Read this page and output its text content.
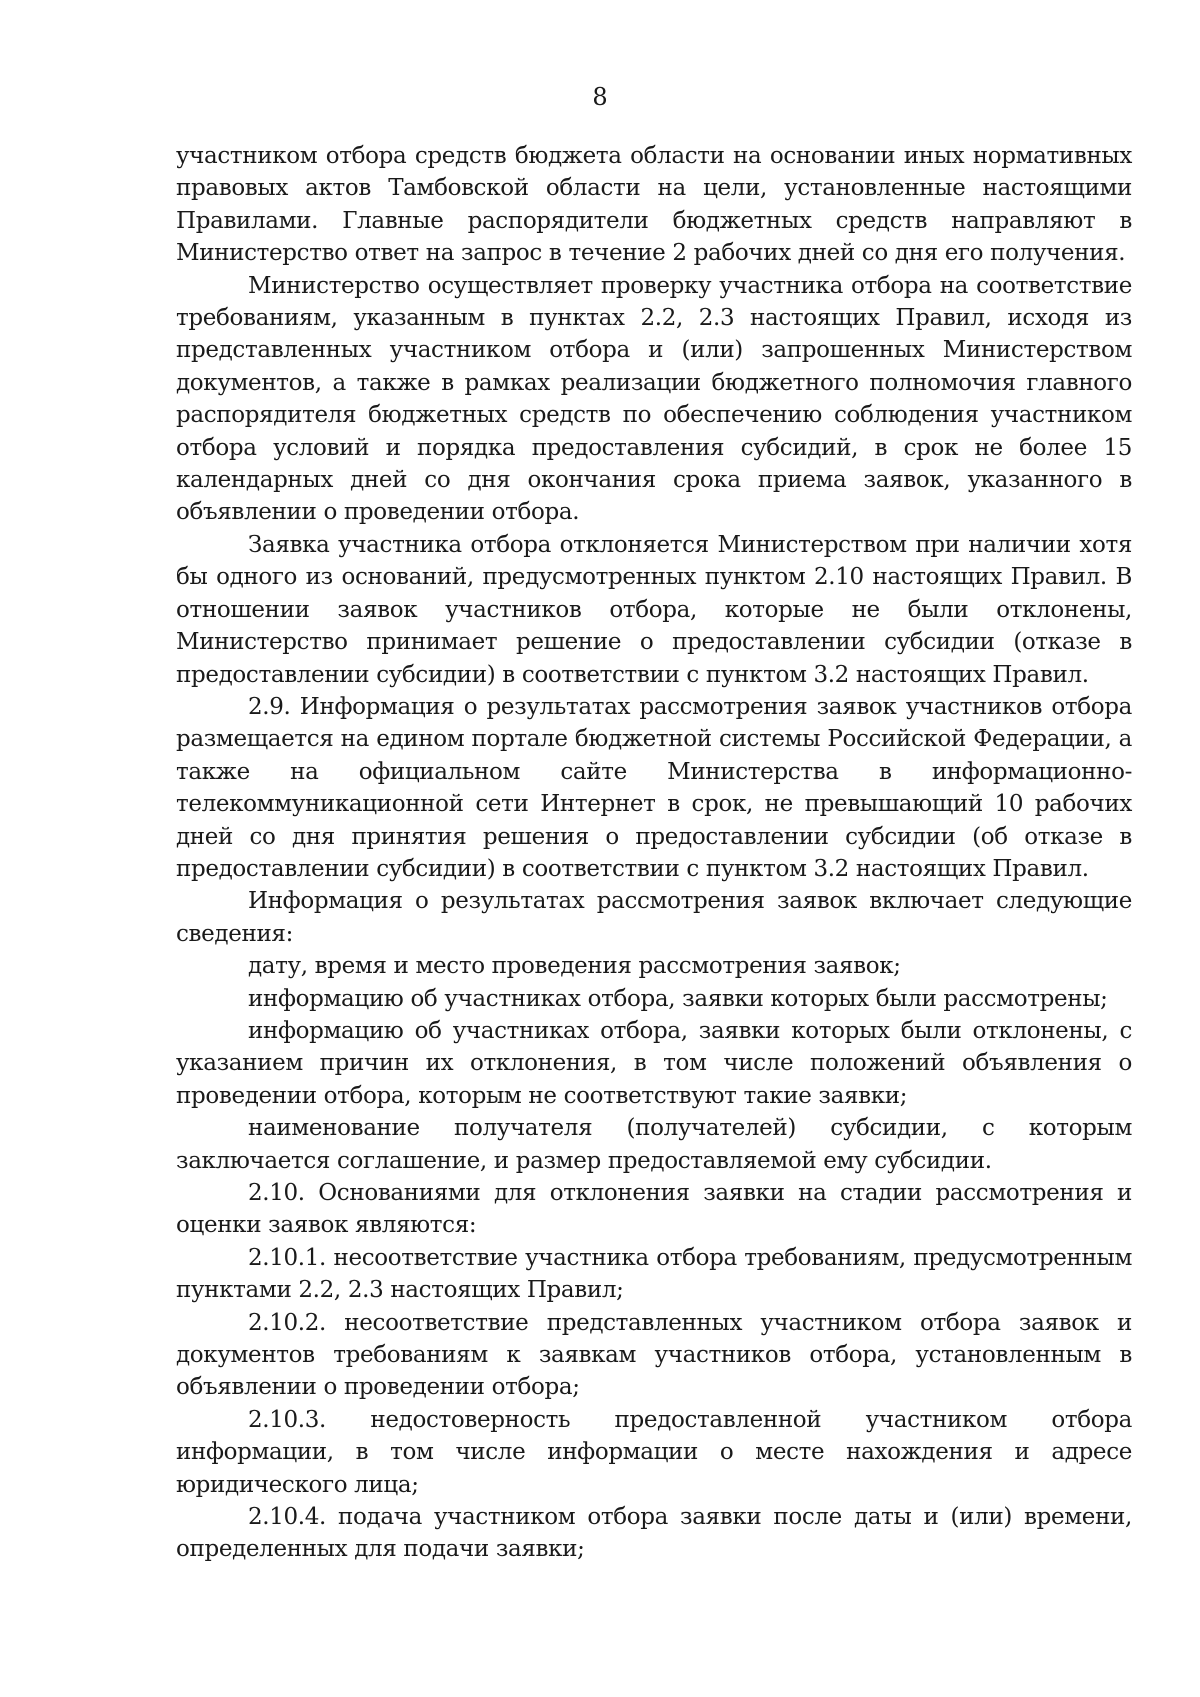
8

участником отбора средств бюджета области на основании иных нормативных правовых актов Тамбовской области на цели, установленные настоящими Правилами. Главные распорядители бюджетных средств направляют в Министерство ответ на запрос в течение 2 рабочих дней со дня его получения.

Министерство осуществляет проверку участника отбора на соответствие требованиям, указанным в пунктах 2.2, 2.3 настоящих Правил, исходя из представленных участником отбора и (или) запрошенных Министерством документов, а также в рамках реализации бюджетного полномочия главного распорядителя бюджетных средств по обеспечению соблюдения участником отбора условий и порядка предоставления субсидий, в срок не более 15 календарных дней со дня окончания срока приема заявок, указанного в объявлении о проведении отбора.

Заявка участника отбора отклоняется Министерством при наличии хотя бы одного из оснований, предусмотренных пунктом 2.10 настоящих Правил. В отношении заявок участников отбора, которые не были отклонены, Министерство принимает решение о предоставлении субсидии (отказе в предоставлении субсидии) в соответствии с пунктом 3.2 настоящих Правил.

2.9. Информация о результатах рассмотрения заявок участников отбора размещается на едином портале бюджетной системы Российской Федерации, а также на официальном сайте Министерства в информационно-телекоммуникационной сети Интернет в срок, не превышающий 10 рабочих дней со дня принятия решения о предоставлении субсидии (об отказе в предоставлении субсидии) в соответствии с пунктом 3.2 настоящих Правил.

Информация о результатах рассмотрения заявок включает следующие сведения:

дату, время и место проведения рассмотрения заявок;

информацию об участниках отбора, заявки которых были рассмотрены;

информацию об участниках отбора, заявки которых были отклонены, с указанием причин их отклонения, в том числе положений объявления о проведении отбора, которым не соответствуют такие заявки;

наименование получателя (получателей) субсидии, с которым заключается соглашение, и размер предоставляемой ему субсидии.

2.10. Основаниями для отклонения заявки на стадии рассмотрения и оценки заявок являются:

2.10.1. несоответствие участника отбора требованиям, предусмотренным пунктами 2.2, 2.3 настоящих Правил;

2.10.2. несоответствие представленных участником отбора заявок и документов требованиям к заявкам участников отбора, установленным в объявлении о проведении отбора;

2.10.3. недостоверность предоставленной участником отбора информации, в том числе информации о месте нахождения и адресе юридического лица;

2.10.4. подача участником отбора заявки после даты и (или) времени, определенных для подачи заявки;
